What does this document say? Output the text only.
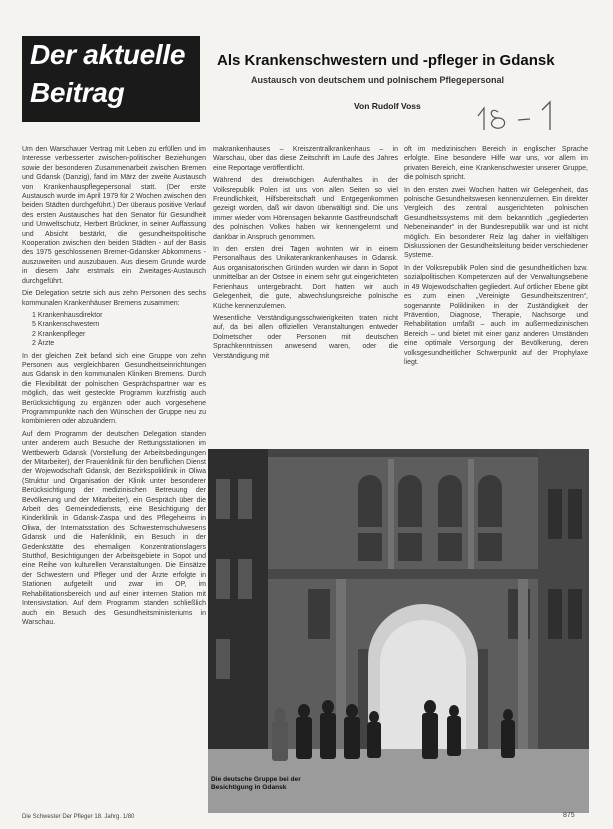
Der aktuelle
Beitrag
Als Krankenschwestern und -pfleger in Gdansk
Austausch von deutschem und polnischem Pflegepersonal
Von Rudolf Voss

Um den Warschauer Vertrag mit Leben zu erfüllen und im Interesse verbesserter zwischen-politischer Beziehungen sowie der besonderen Zusammenarbeit zwischen Bremen und Gdansk (Danzig), fand im März der zweite Austausch von Krankenhauspflegepersonal statt. (Der erste Austausch wurde im April 1979 für 2 Wochen zwischen den beiden Städten durchgeführt.) Der überaus positive Verlauf des ersten Austausches hat den Senator für Gesundheit und Umweltschutz, Herbert Brückner, in seiner Auffassung und Absicht bestärkt, die gesundheitspolitische Kooperation zwischen den beiden Städten - auf der Basis des 1975 geschlossenen Bremer-Gdansker Abkommens - auszuweiten und auszubauen. Aus diesem Grunde wurde in diesem Jahr erstmals ein Zweitages-Austausch durchgeführt.

Die Delegation setzte sich aus zehn Personen des sechs kommunalen Krankenhäuser Bremens zusammen:

1 Krankenhausdirektor
5 Krankenschwestern
2 Krankenpfleger
2 Ärzte

In der gleichen Zeit befand sich eine Gruppe von zehn Personen aus vergleichbaren Gesundheitseinrichtungen aus Gdansk in den kommunalen Kliniken Bremens. Durch die Flexibilität der polnischen Gesprächspartner war es möglich, das weit gesteckte Programm kurzfristig auch Berücksichtigung zu ergänzen oder auch vorgesehene Programmpunkte nach den Wünschen der Gruppe neu zu kombinieren oder abzuändern.

Auf dem Programm der deutschen Delegation standen unter anderem auch Besuche der Rettungsstationen im Wettbewerb Gdansk (Vorstellung der Arbeitsbedingungen der Mitarbeiter), der Frauenklinik für den beruflichen Dienst der Wojewodschaft Gdansk, der Bezirkspoliklinik in Oliwa (Struktur und Organisation der Klinik unter besonderer Berücksichtigung der medizinischen Betreuung der Bevölkerung und der Mitarbeiter), ein Gespräch über die Arbeit des Gemeindediensts, eine Besichtigung der Kinderklinik in Gdansk-Zaspa und des Pflegeheims in Oliwa, der Internatsstation des Schwesternschulwesens Gdansk und die Hafenklinik, ein Besuch in der Gedenkstätte des ehemaligen Konzentrationslagers Stutthof, Besichtigungen der Arbeitsgebiete in Sopot und eine Reihe von kulturellen Veranstaltungen. Die Einsätze der Schwestern und Pfleger und der Ärzte erfolgte in Stationen aufgeteilt und zwar im OP, im Rehabilitationsbereich und auf einer internen Station mit Intensivstation. Auf dem Programm standen schließlich auch ein Besuch des Gesundheitsministeriums in Warschau.

makrankenhauses – Kreiszentralkrankenhaus – in Warschau, über das diese Zeitschrift im Laufe des Jahres eine Reportage veröffentlicht.

Während des dreiwöchigen Aufenthaltes in der Volksrepublik Polen ist uns von allen Seiten so viel Freundlichkeit, Hilfsbereitschaft und Entgegenkommen gezeigt worden, daß wir davon überwältigt sind. Die uns immer wieder vom Hörensagen bekannte Gastfreundschaft des polnischen Volkes haben wir kennengelernt und dankbar in Anspruch genommen.

In den ersten drei Tagen wohnten wir in einem Personalhaus des Unikaterankrankenhauses in Gdansk. Aus organisatorischen Gründen wurden wir dann in Sopot unmittelbar an der Ostsee in einem sehr gut eingerichteten Ferienhaus untergebracht. Dort hatten wir auch Gelegenheit, die gute, abwechslungsreiche polnische Küche kennenzulernen.

Wesentliche Verständigungsschwierigkeiten traten nicht auf, da bei allen offiziellen Veranstaltungen entweder Dolmetscher oder Personen mit deutschen Sprachkenntnissen anwesend waren, oder die Verständigung mit

oft im medizinischen Bereich in englischer Sprache erfolgte. Eine besondere Hilfe war uns, vor allem im privaten Bereich, eine Krankenschwester unserer Gruppe, die polnisch spricht.

In den ersten zwei Wochen hatten wir Gelegenheit, das polnische Gesundheitswesen kennenzulernen. Ein direkter Vergleich des zentral ausgerichteten polnischen Gesundheitssystems mit dem bekanntlich „gegliederten Nebeneinander“ in der Bundesrepublik war und ist nicht möglich. Ein besonderer Reiz lag daher in vielfältigen Diskussionen der Gesundheitsleitung beider verschiedener Systeme.

In der Volksrepublik Polen sind die gesundheitlichen bzw. sozialpolitischen Kompetenzen auf der Verwaltungsebene in 49 Wojewodschaften gegliedert. Auf örtlicher Ebene gibt es zum einen „Vereinigte Gesundheitszentren“, sogenannte Polikliniken in der Zuständigkeit der Prävention, Diagnose, Therapie, Nachsorge und Rehabilitation umfaßt – auch im außermedizinischen Bereich – und bietet mit einer ganz anderen Umständen eine optimale Versorgung der Bevölkerung, deren volksgesundheitlicher Schwerpunkt auf der Prophylaxe liegt.

Die deutsche Gruppe bei der Besichtigung in Gdansk
Die Schwester Der Pfleger 18. Jahrg. 1/80	875
